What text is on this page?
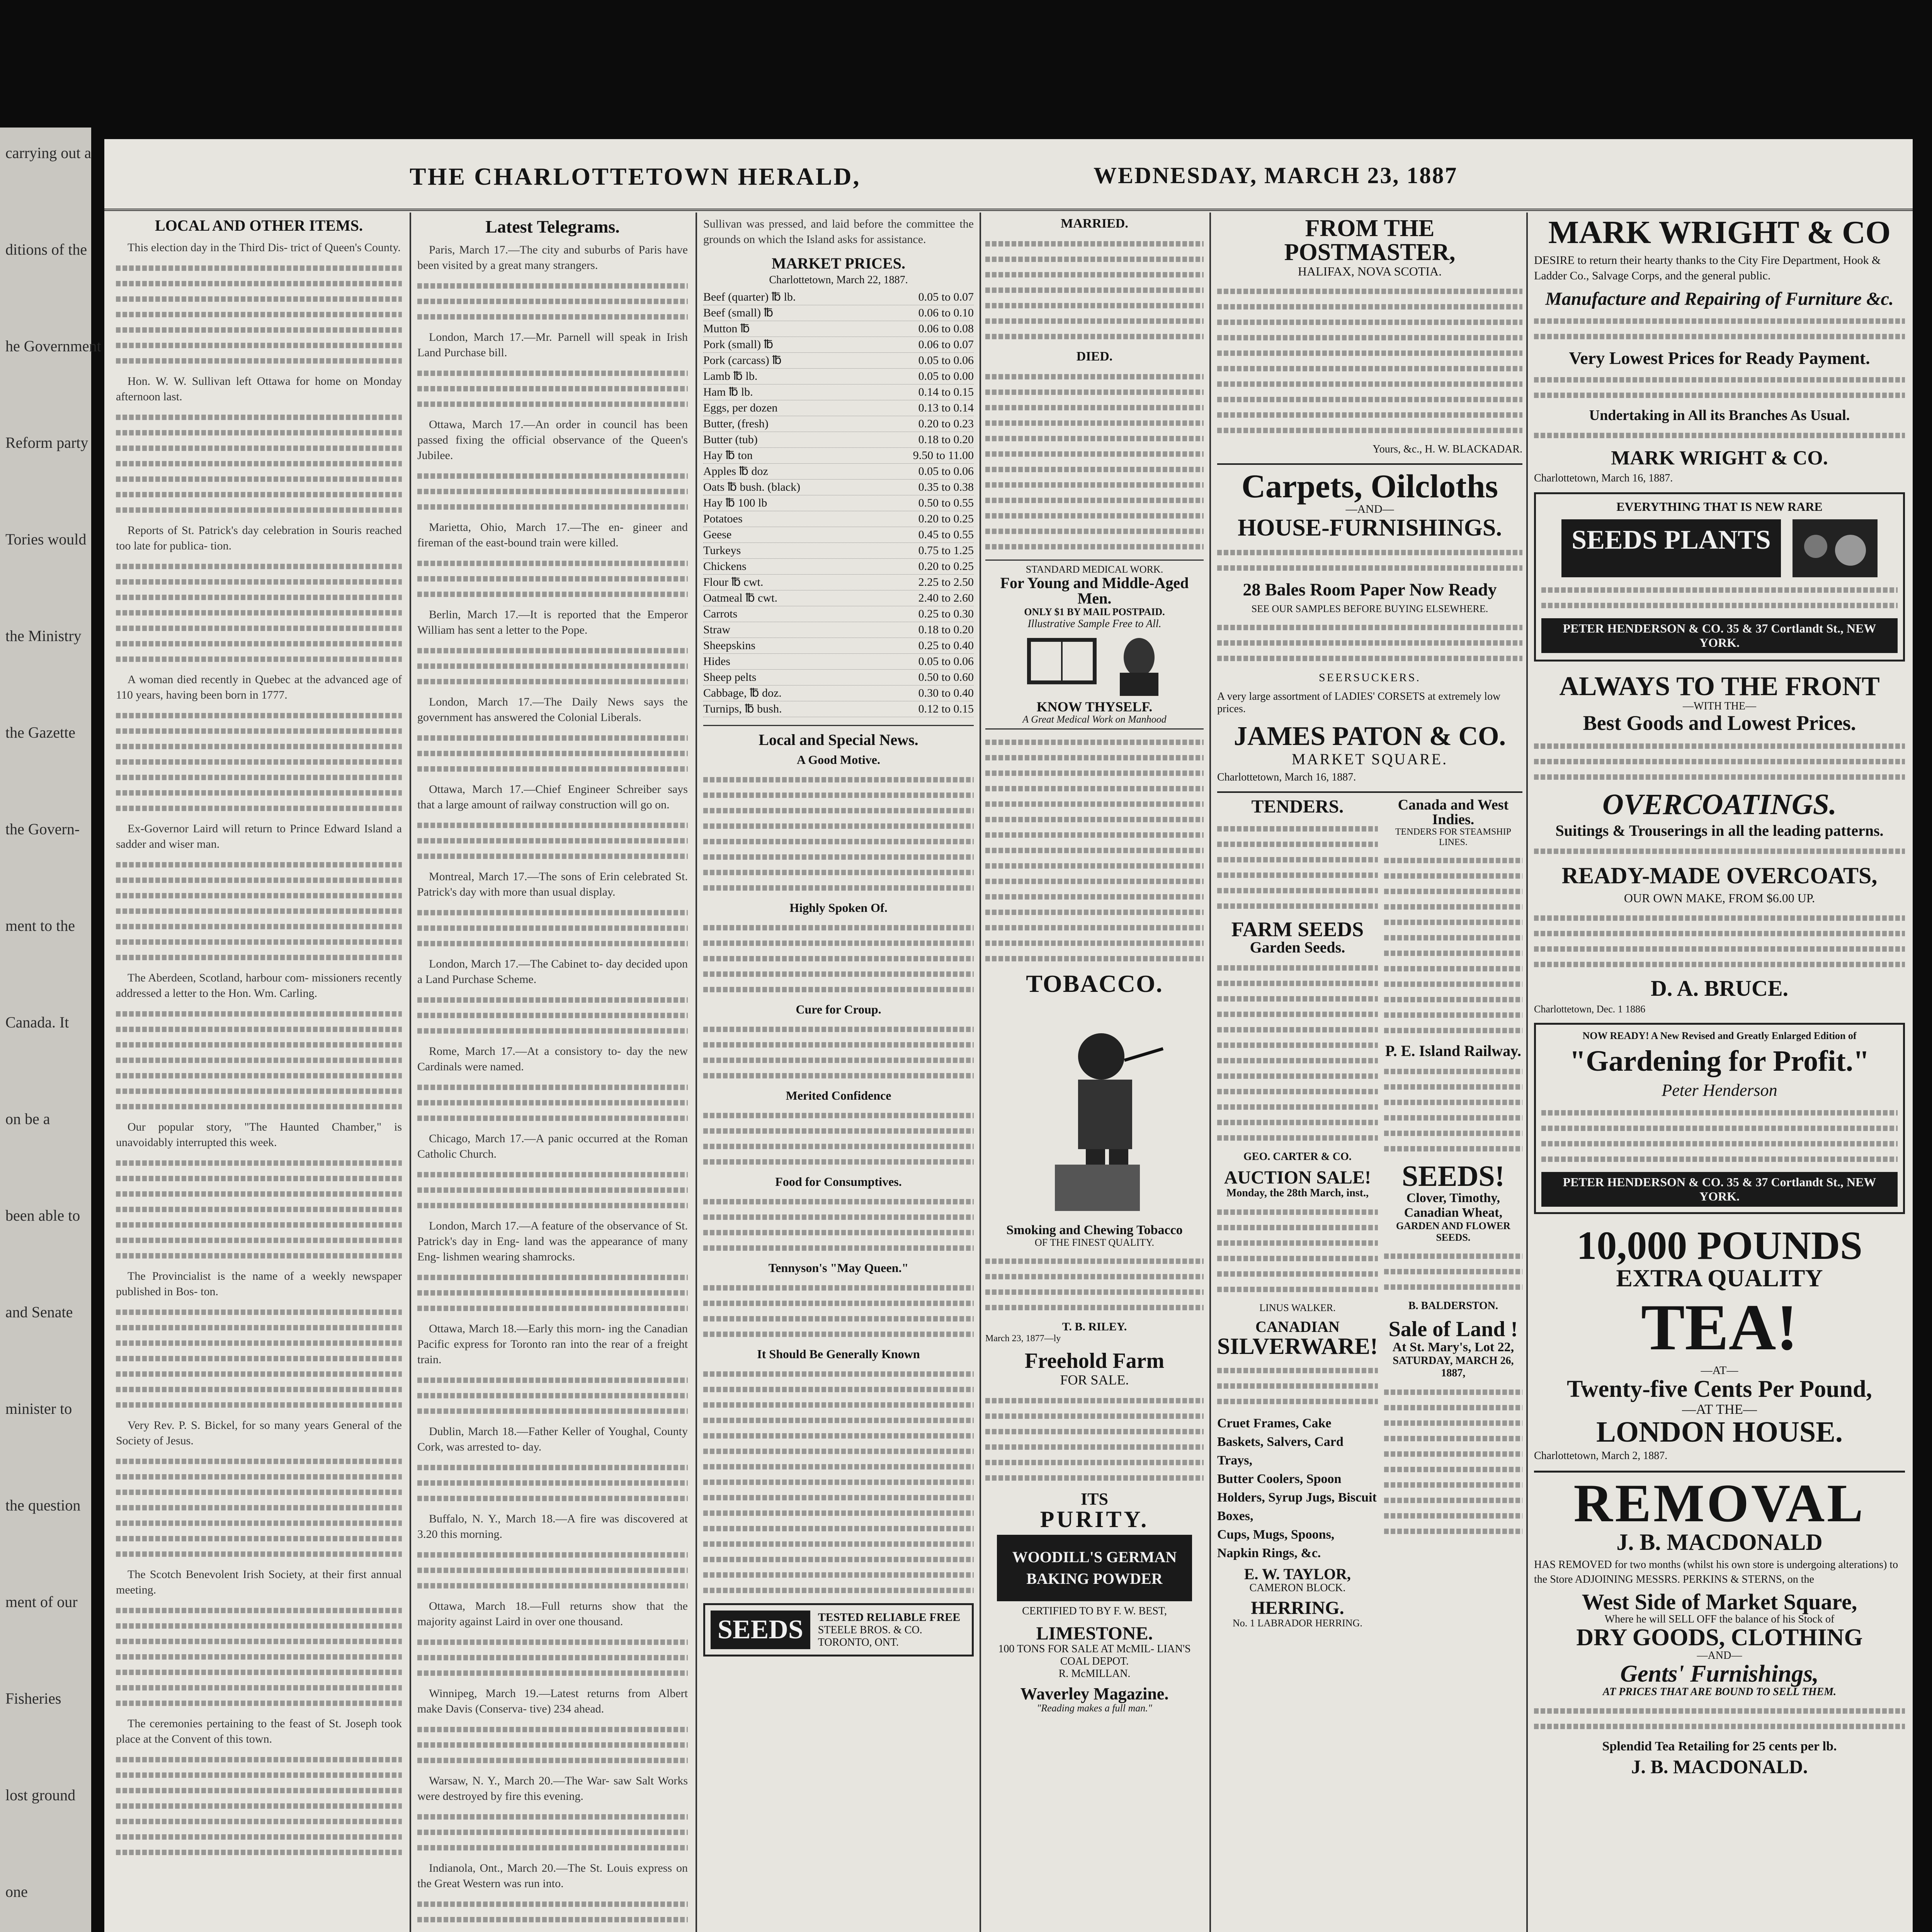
carrying out a
ditions of the
he Government
Reform party
Tories would
the Ministry
the Gazette
the Govern-
ment to the
Canada. It
on be a
been able to
and Senate
minister to
the question
ment of our
Fisheries
lost ground
one
THE CHARLOTTETOWN HERALD,	WEDNESDAY, MARCH 23, 1887
LOCAL AND OTHER ITEMS.

This election day in the Third Dis- trict of Queen's County.

Hon. W. W. Sullivan left Ottawa for home on Monday afternoon last.

Reports of St. Patrick's day celebration in Souris reached too late for publica- tion.

A woman died recently in Quebec at the advanced age of 110 years, having been born in 1777.

Ex-Governor Laird will return to Prince Edward Island a sadder and wiser man.

The Aberdeen, Scotland, harbour com- missioners recently addressed a letter to the Hon. Wm. Carling.

Our popular story, "The Haunted Chamber," is unavoidably interrupted this week.

The Provincialist is the name of a weekly newspaper published in Bos- ton.

Very Rev. P. S. Bickel, for so many years General of the Society of Jesus.

The Scotch Benevolent Irish Society, at their first annual meeting.

The ceremonies pertaining to the feast of St. Joseph took place at the Convent of this town.

Latest Telegrams.

Paris, March 17.—The city and suburbs of Paris have been visited by a great many strangers.

London, March 17.—Mr. Parnell will speak in Irish Land Purchase bill.

Ottawa, March 17.—An order in council has been passed fixing the official observance of the Queen's Jubilee.

Marietta, Ohio, March 17.—The en- gineer and fireman of the east-bound train were killed.

Berlin, March 17.—It is reported that the Emperor William has sent a letter to the Pope.

London, March 17.—The Daily News says the government has answered the Colonial Liberals.

Ottawa, March 17.—Chief Engineer Schreiber says that a large amount of railway construction will go on.

Montreal, March 17.—The sons of Erin celebrated St. Patrick's day with more than usual display.

London, March 17.—The Cabinet to- day decided upon a Land Purchase Scheme.

Rome, March 17.—At a consistory to- day the new Cardinals were named.

Chicago, March 17.—A panic occurred at the Roman Catholic Church.

London, March 17.—A feature of the observance of St. Patrick's day in Eng- land was the appearance of many Eng- lishmen wearing shamrocks.

Ottawa, March 18.—Early this morn- ing the Canadian Pacific express for Toronto ran into the rear of a freight train.

Dublin, March 18.—Father Keller of Youghal, County Cork, was arrested to- day.

Buffalo, N. Y., March 18.—A fire was discovered at 3.20 this morning.

Ottawa, March 18.—Full returns show that the majority against Laird in over one thousand.

Winnipeg, March 19.—Latest returns from Albert make Davis (Conserva- tive) 234 ahead.

Warsaw, N. Y., March 20.—The War- saw Salt Works were destroyed by fire this evening.

Indianola, Ont., March 20.—The St. Louis express on the Great Western was run into.

Sullivan was pressed, and laid before the committee the grounds on which the Island asks for assistance.

MARKET PRICES.
Charlottetown, March 22, 1887.
Beef (quarter) ℔ lb.	0.05 to 0.07
Beef (small) ℔	0.06 to 0.10
Mutton ℔	0.06 to 0.08
Pork (small) ℔	0.06 to 0.07
Pork (carcass) ℔	0.05 to 0.06
Lamb ℔ lb.	0.05 to 0.00
Ham ℔ lb.	0.14 to 0.15
Eggs, per dozen	0.13 to 0.14
Butter, (fresh)	0.20 to 0.23
Butter (tub)	0.18 to 0.20
Hay ℔ ton	9.50 to 11.00
Apples ℔ doz	0.05 to 0.06
Oats ℔ bush. (black)	0.35 to 0.38
Hay ℔ 100 lb	0.50 to 0.55
Potatoes	0.20 to 0.25
Geese	0.45 to 0.55
Turkeys	0.75 to 1.25
Chickens	0.20 to 0.25
Flour ℔ cwt.	2.25 to 2.50
Oatmeal ℔ cwt.	2.40 to 2.60
Carrots	0.25 to 0.30
Straw	0.18 to 0.20
Sheepskins	0.25 to 0.40
Hides	0.05 to 0.06
Sheep pelts	0.50 to 0.60
Cabbage, ℔ doz.	0.30 to 0.40
Turnips, ℔ bush.	0.12 to 0.15
Local and Special News.
A Good Motive.
Highly Spoken Of.
Cure for Croup.
Merited Confidence
Food for Consumptives.
Tennyson's "May Queen."
It Should Be Generally Known
SEEDS	TESTED RELIABLE FREE
STEELE BROS. & CO. TORONTO, ONT.
MARRIED.
DIED.
STANDARD MEDICAL WORK.
For Young and Middle-Aged Men.
ONLY $1 BY MAIL POSTPAID.
Illustrative Sample Free to All.
KNOW THYSELF.
A Great Medical Work on Manhood
TOBACCO.
Smoking and Chewing Tobacco
OF THE FINEST QUALITY.
T. B. RILEY.
March 23, 1877—ly
Freehold Farm
FOR SALE.
ITS
PURITY.
WOODILL'S GERMAN BAKING POWDER
CERTIFIED TO BY F. W. BEST,
LIMESTONE.
100 TONS FOR SALE AT McMIL- LIAN'S COAL DEPOT.
R. McMILLAN.
Waverley Magazine.
"Reading makes a full man."
FROM THE POSTMASTER,
HALIFAX, NOVA SCOTIA.
Yours, &c., H. W. BLACKADAR.
Carpets, Oilcloths
—AND—
HOUSE-FURNISHINGS.
28 Bales Room Paper Now Ready
SEE OUR SAMPLES BEFORE BUYING ELSEWHERE.
SEERSUCKERS.
A very large assortment of LADIES' CORSETS at extremely low prices.
JAMES PATON & CO.
MARKET SQUARE.
Charlottetown, March 16, 1887.
TENDERS.
FARM SEEDS
Garden Seeds.
GEO. CARTER & CO.
AUCTION SALE!
Monday, the 28th March, inst.,
LINUS WALKER.
CANADIAN
SILVERWARE!
Cruet Frames, Cake Baskets, Salvers, Card Trays,
Butter Coolers, Spoon Holders, Syrup Jugs, Biscuit Boxes,
Cups, Mugs, Spoons, Napkin Rings, &c.
E. W. TAYLOR,
CAMERON BLOCK.
HERRING.
No. 1 LABRADOR HERRING.
Canada and West Indies.
TENDERS FOR STEAMSHIP LINES.
P. E. Island Railway.
SEEDS!
Clover, Timothy, Canadian Wheat,
GARDEN AND FLOWER SEEDS.
B. BALDERSTON.
Sale of Land !
At St. Mary's, Lot 22,
SATURDAY, MARCH 26, 1887,
MARK WRIGHT & CO
DESIRE to return their hearty thanks to the City Fire Department, Hook & Ladder Co., Salvage Corps, and the general public.
Manufacture and Repairing of Furniture &c.
Very Lowest Prices for Ready Payment.
Undertaking in All its Branches As Usual.
MARK WRIGHT & CO.
Charlottetown, March 16, 1887.
EVERYTHING THAT IS NEW RARE
SEEDS PLANTS
PETER HENDERSON & CO. 35 & 37 Cortlandt St., NEW YORK.
ALWAYS TO THE FRONT
—WITH THE—
Best Goods and Lowest Prices.
OVERCOATINGS.
Suitings & Trouserings in all the leading patterns.
READY-MADE OVERCOATS,
OUR OWN MAKE, FROM $6.00 UP.
D. A. BRUCE.
Charlottetown, Dec. 1 1886
NOW READY! A New Revised and Greatly Enlarged Edition of
"Gardening for Profit."
Peter Henderson
PETER HENDERSON & CO. 35 & 37 Cortlandt St., NEW YORK.
10,000 POUNDS
EXTRA QUALITY
TEA!
—AT—
Twenty-five Cents Per Pound,
—AT THE—
LONDON HOUSE.
Charlottetown, March 2, 1887.
REMOVAL
J. B. MACDONALD
HAS REMOVED for two months (whilst his own store is undergoing alterations) to the Store ADJOINING MESSRS. PERKINS & STERNS, on the
West Side of Market Square,
Where he will SELL OFF the balance of his Stock of
DRY GOODS, CLOTHING
—AND—
Gents' Furnishings,
AT PRICES THAT ARE BOUND TO SELL THEM.
Splendid Tea Retailing for 25 cents per lb.
J. B. MACDONALD.
